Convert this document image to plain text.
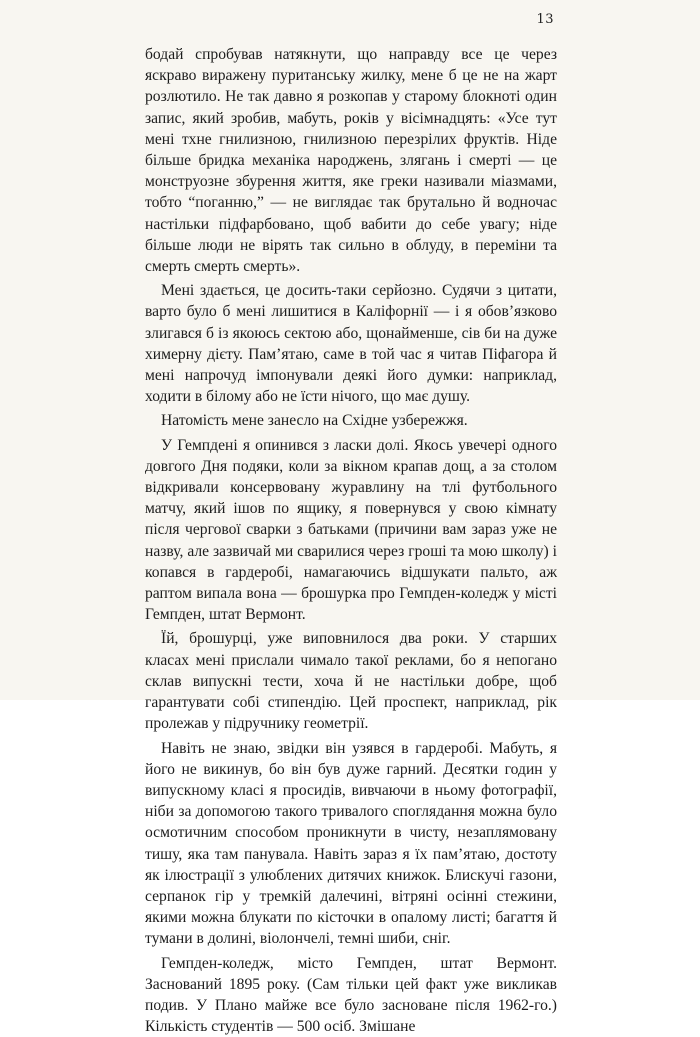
13

бодай спробував натякнути, що направду все це через яскраво виражену пуританську жилку, мене б це не на жарт розлютило. Не так давно я розкопав у старому блокноті один запис, який зробив, мабуть, років у вісімнадцять: «Усе тут мені тхне гнилизною, гнилизною перезрілих фруктів. Ніде більше бридка механіка народжень, злягань і смерті — це монструозне збурення життя, яке греки називали міазмами, тобто “поганню,” — не виглядає так брутально й водночас настільки підфарбовано, щоб вабити до себе увагу; ніде більше люди не вірять так сильно в облуду, в переміни та смерть смерть смерть».

Мені здається, це досить-таки серйозно. Судячи з цитати, варто було б мені лишитися в Каліфорнії — і я обов’язково злигався б із якоюсь сектою або, щонайменше, сів би на дуже химерну дієту. Пам’ятаю, саме в той час я читав Піфагора й мені напрочуд імпонували деякі його думки: наприклад, ходити в білому або не їсти нічого, що має душу.

Натомість мене занесло на Східне узбережжя.

У Гемпдені я опинився з ласки долі. Якось увечері одного довгого Дня подяки, коли за вікном крапав дощ, а за столом відкривали консервовану журавлину на тлі футбольного матчу, який ішов по ящику, я повернувся у свою кімнату після чергової сварки з батьками (причини вам зараз уже не назву, але зазвичай ми сварилися через гроші та мою школу) і копався в гардеробі, намагаючись відшукати пальто, аж раптом випала вона — брошурка про Гемпден-коледж у місті Гемпден, штат Вермонт.

Їй, брошурці, уже виповнилося два роки. У старших класах мені прислали чимало такої реклами, бо я непогано склав випускні тести, хоча й не настільки добре, щоб гарантувати собі стипендію. Цей проспект, наприклад, рік пролежав у підручнику геометрії.

Навіть не знаю, звідки він узявся в гардеробі. Мабуть, я його не викинув, бо він був дуже гарний. Десятки годин у випускному класі я просидів, вивчаючи в ньому фотографії, ніби за допомогою такого тривалого споглядання можна було осмотичним способом проникнути в чисту, незаплямовану тишу, яка там панувала. Навіть зараз я їх пам’ятаю, достоту як ілюстрації з улюблених дитячих книжок. Блискучі газони, серпанок гір у тремкій далечині, вітряні осінні стежини, якими можна блукати по кісточки в опалому листі; багаття й тумани в долині, віолончелі, темні шиби, сніг.

Гемпден-коледж, місто Гемпден, штат Вермонт. Заснований 1895 року. (Сам тільки цей факт уже викликав подив. У Плано майже все було засноване після 1962-го.) Кількість студентів — 500 осіб. Змішане
